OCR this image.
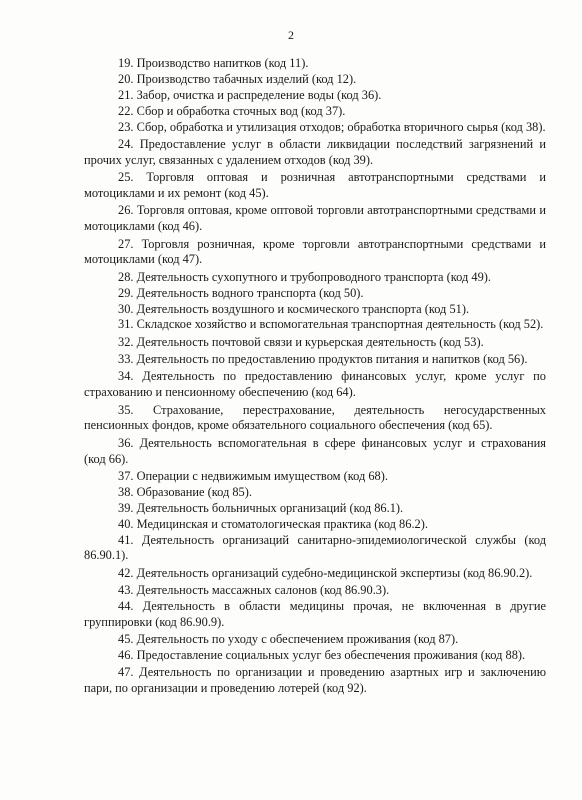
2

19. Производство напитков (код 11).

20. Производство табачных изделий (код 12).

21. Забор, очистка и распределение воды (код 36).

22. Сбор и обработка сточных вод (код 37).

23. Сбор, обработка и утилизация отходов; обработка вторичного сырья (код 38).

24. Предоставление услуг в области ликвидации последствий загрязнений и прочих услуг, связанных с удалением отходов (код 39).

25. Торговля оптовая и розничная автотранспортными средствами и мотоциклами и их ремонт (код 45).

26. Торговля оптовая, кроме оптовой торговли автотранспортными средствами и мотоциклами (код 46).

27. Торговля розничная, кроме торговли автотранспортными средствами и мотоциклами (код 47).

28. Деятельность сухопутного и трубопроводного транспорта (код 49).

29. Деятельность водного транспорта (код 50).

30. Деятельность воздушного и космического транспорта (код 51).

31. Складское хозяйство и вспомогательная транспортная деятельность (код 52).

32. Деятельность почтовой связи и курьерская деятельность (код 53).

33. Деятельность по предоставлению продуктов питания и напитков (код 56).

34. Деятельность по предоставлению финансовых услуг, кроме услуг по страхованию и пенсионному обеспечению (код 64).

35. Страхование, перестрахование, деятельность негосударственных пенсионных фондов, кроме обязательного социального обеспечения (код 65).

36. Деятельность вспомогательная в сфере финансовых услуг и страхования (код 66).

37. Операции с недвижимым имуществом (код 68).

38. Образование (код 85).

39. Деятельность больничных организаций (код 86.1).

40. Медицинская и стоматологическая практика (код 86.2).

41. Деятельность организаций санитарно-эпидемиологической службы (код 86.90.1).

42. Деятельность организаций судебно-медицинской экспертизы (код 86.90.2).

43. Деятельность массажных салонов (код 86.90.3).

44. Деятельность в области медицины прочая, не включенная в другие группировки (код 86.90.9).

45. Деятельность по уходу с обеспечением проживания (код 87).

46. Предоставление социальных услуг без обеспечения проживания (код 88).

47. Деятельность по организации и проведению азартных игр и заключению пари, по организации и проведению лотерей (код 92).
